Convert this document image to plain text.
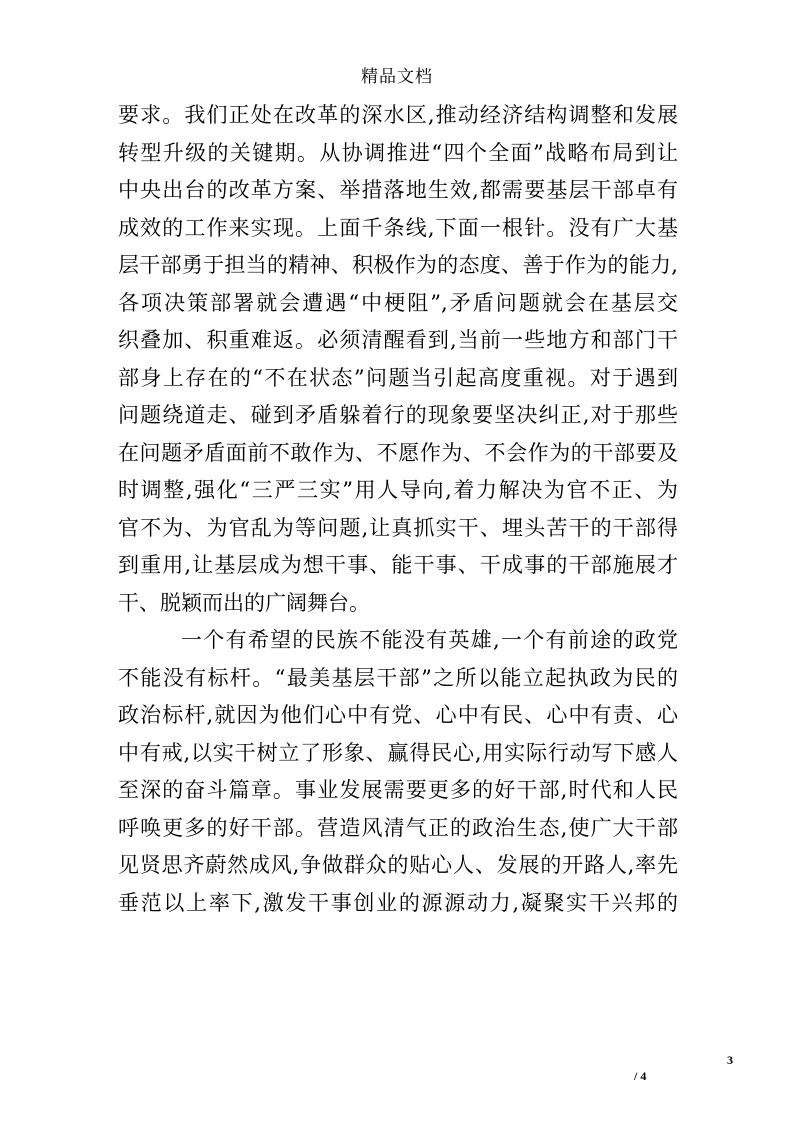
精品文档
要求。我们正处在改革的深水区,推动经济结构调整和发展
转型升级的关键期。从协调推进“四个全面”战略布局到让
中央出台的改革方案、举措落地生效,都需要基层干部卓有
成效的工作来实现。上面千条线,下面一根针。没有广大基
层干部勇于担当的精神、积极作为的态度、善于作为的能力,
各项决策部署就会遭遇“中梗阻”,矛盾问题就会在基层交
织叠加、积重难返。必须清醒看到,当前一些地方和部门干
部身上存在的“不在状态”问题当引起高度重视。对于遇到
问题绕道走、碰到矛盾躲着行的现象要坚决纠正,对于那些
在问题矛盾面前不敢作为、不愿作为、不会作为的干部要及
时调整,强化“三严三实”用人导向,着力解决为官不正、为
官不为、为官乱为等问题,让真抓实干、埋头苦干的干部得
到重用,让基层成为想干事、能干事、干成事的干部施展才
干、脱颖而出的广阔舞台。
一个有希望的民族不能没有英雄,一个有前途的政党
不能没有标杆。“最美基层干部”之所以能立起执政为民的
政治标杆,就因为他们心中有党、心中有民、心中有责、心
中有戒,以实干树立了形象、赢得民心,用实际行动写下感人
至深的奋斗篇章。事业发展需要更多的好干部,时代和人民
呼唤更多的好干部。营造风清气正的政治生态,使广大干部
见贤思齐蔚然成风,争做群众的贴心人、发展的开路人,率先
垂范以上率下,激发干事创业的源源动力,凝聚实干兴邦的
3
/ 4
